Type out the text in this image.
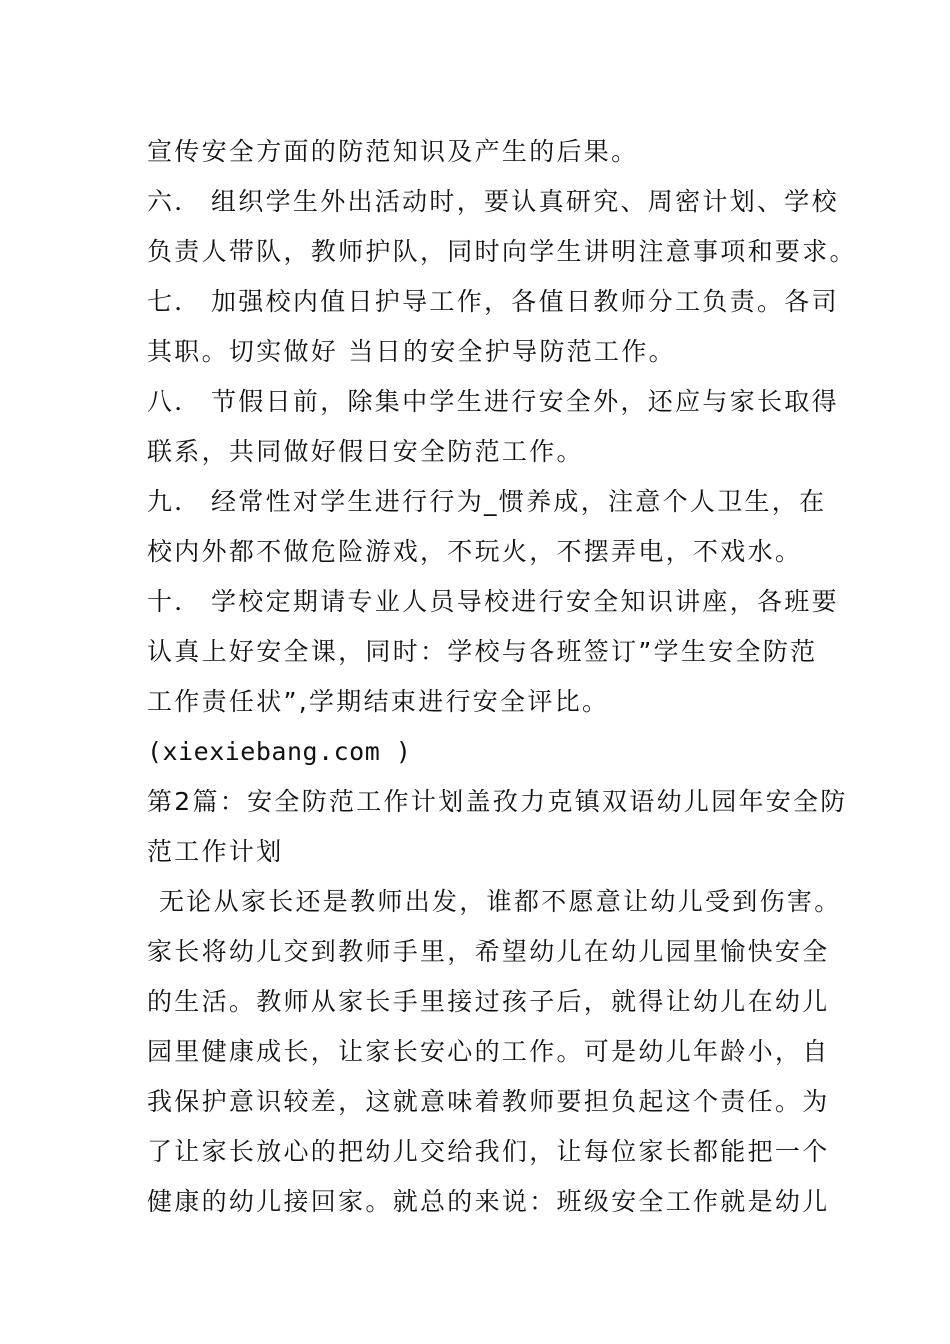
宣传安全方面的防范知识及产生的后果。
六． 组织学生外出活动时，要认真研究、周密计划、学校
负责人带队，教师护队，同时向学生讲明注意事项和要求。
七． 加强校内值日护导工作，各值日教师分工负责。各司
其职。切实做好 当日的安全护导防范工作。
八． 节假日前，除集中学生进行安全外，还应与家长取得
联系，共同做好假日安全防范工作。
九． 经常性对学生进行行为_惯养成，注意个人卫生，在
校内外都不做危险游戏，不玩火，不摆弄电，不戏水。
十． 学校定期请专业人员导校进行安全知识讲座，各班要
认真上好安全课，同时：学校与各班签订”学生安全防范
工作责任状”,学期结束进行安全评比。
(xiexiebang.com )
第2篇：安全防范工作计划盖孜力克镇双语幼儿园年安全防
范工作计划
无论从家长还是教师出发，谁都不愿意让幼儿受到伤害。
家长将幼儿交到教师手里，希望幼儿在幼儿园里愉快安全
的生活。教师从家长手里接过孩子后，就得让幼儿在幼儿
园里健康成长，让家长安心的工作。可是幼儿年龄小，自
我保护意识较差，这就意味着教师要担负起这个责任。为
了让家长放心的把幼儿交给我们，让每位家长都能把一个
健康的幼儿接回家。就总的来说：班级安全工作就是幼儿
